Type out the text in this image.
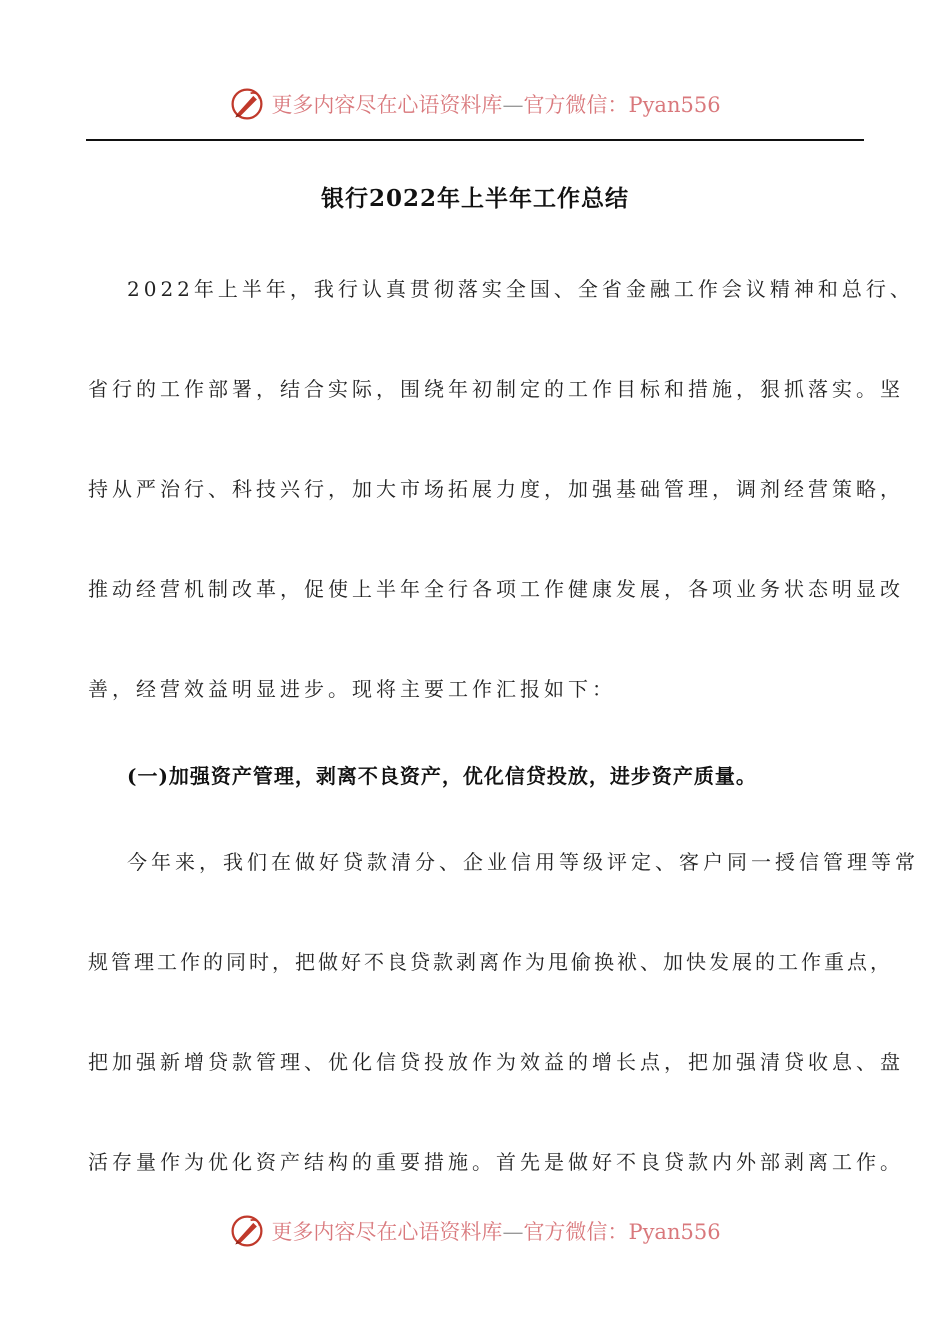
更多内容尽在心语资料库—官方微信：Pyan556
银行2022年上半年工作总结
2022年上半年，我行认真贯彻落实全国、全省金融工作会议精神和总行、
省行的工作部署，结合实际，围绕年初制定的工作目标和措施，狠抓落实。坚
持从严治行、科技兴行，加大市场拓展力度，加强基础管理，调剂经营策略，
推动经营机制改革，促使上半年全行各项工作健康发展，各项业务状态明显改
善，经营效益明显进步。现将主要工作汇报如下：
(一)加强资产管理，剥离不良资产，优化信贷投放，进步资产质量。
今年来，我们在做好贷款清分、企业信用等级评定、客户同一授信管理等常
规管理工作的同时，把做好不良贷款剥离作为甩偷换袱、加快发展的工作重点，
把加强新增贷款管理、优化信贷投放作为效益的增长点，把加强清贷收息、盘
活存量作为优化资产结构的重要措施。首先是做好不良贷款内外部剥离工作。
更多内容尽在心语资料库—官方微信：Pyan556
